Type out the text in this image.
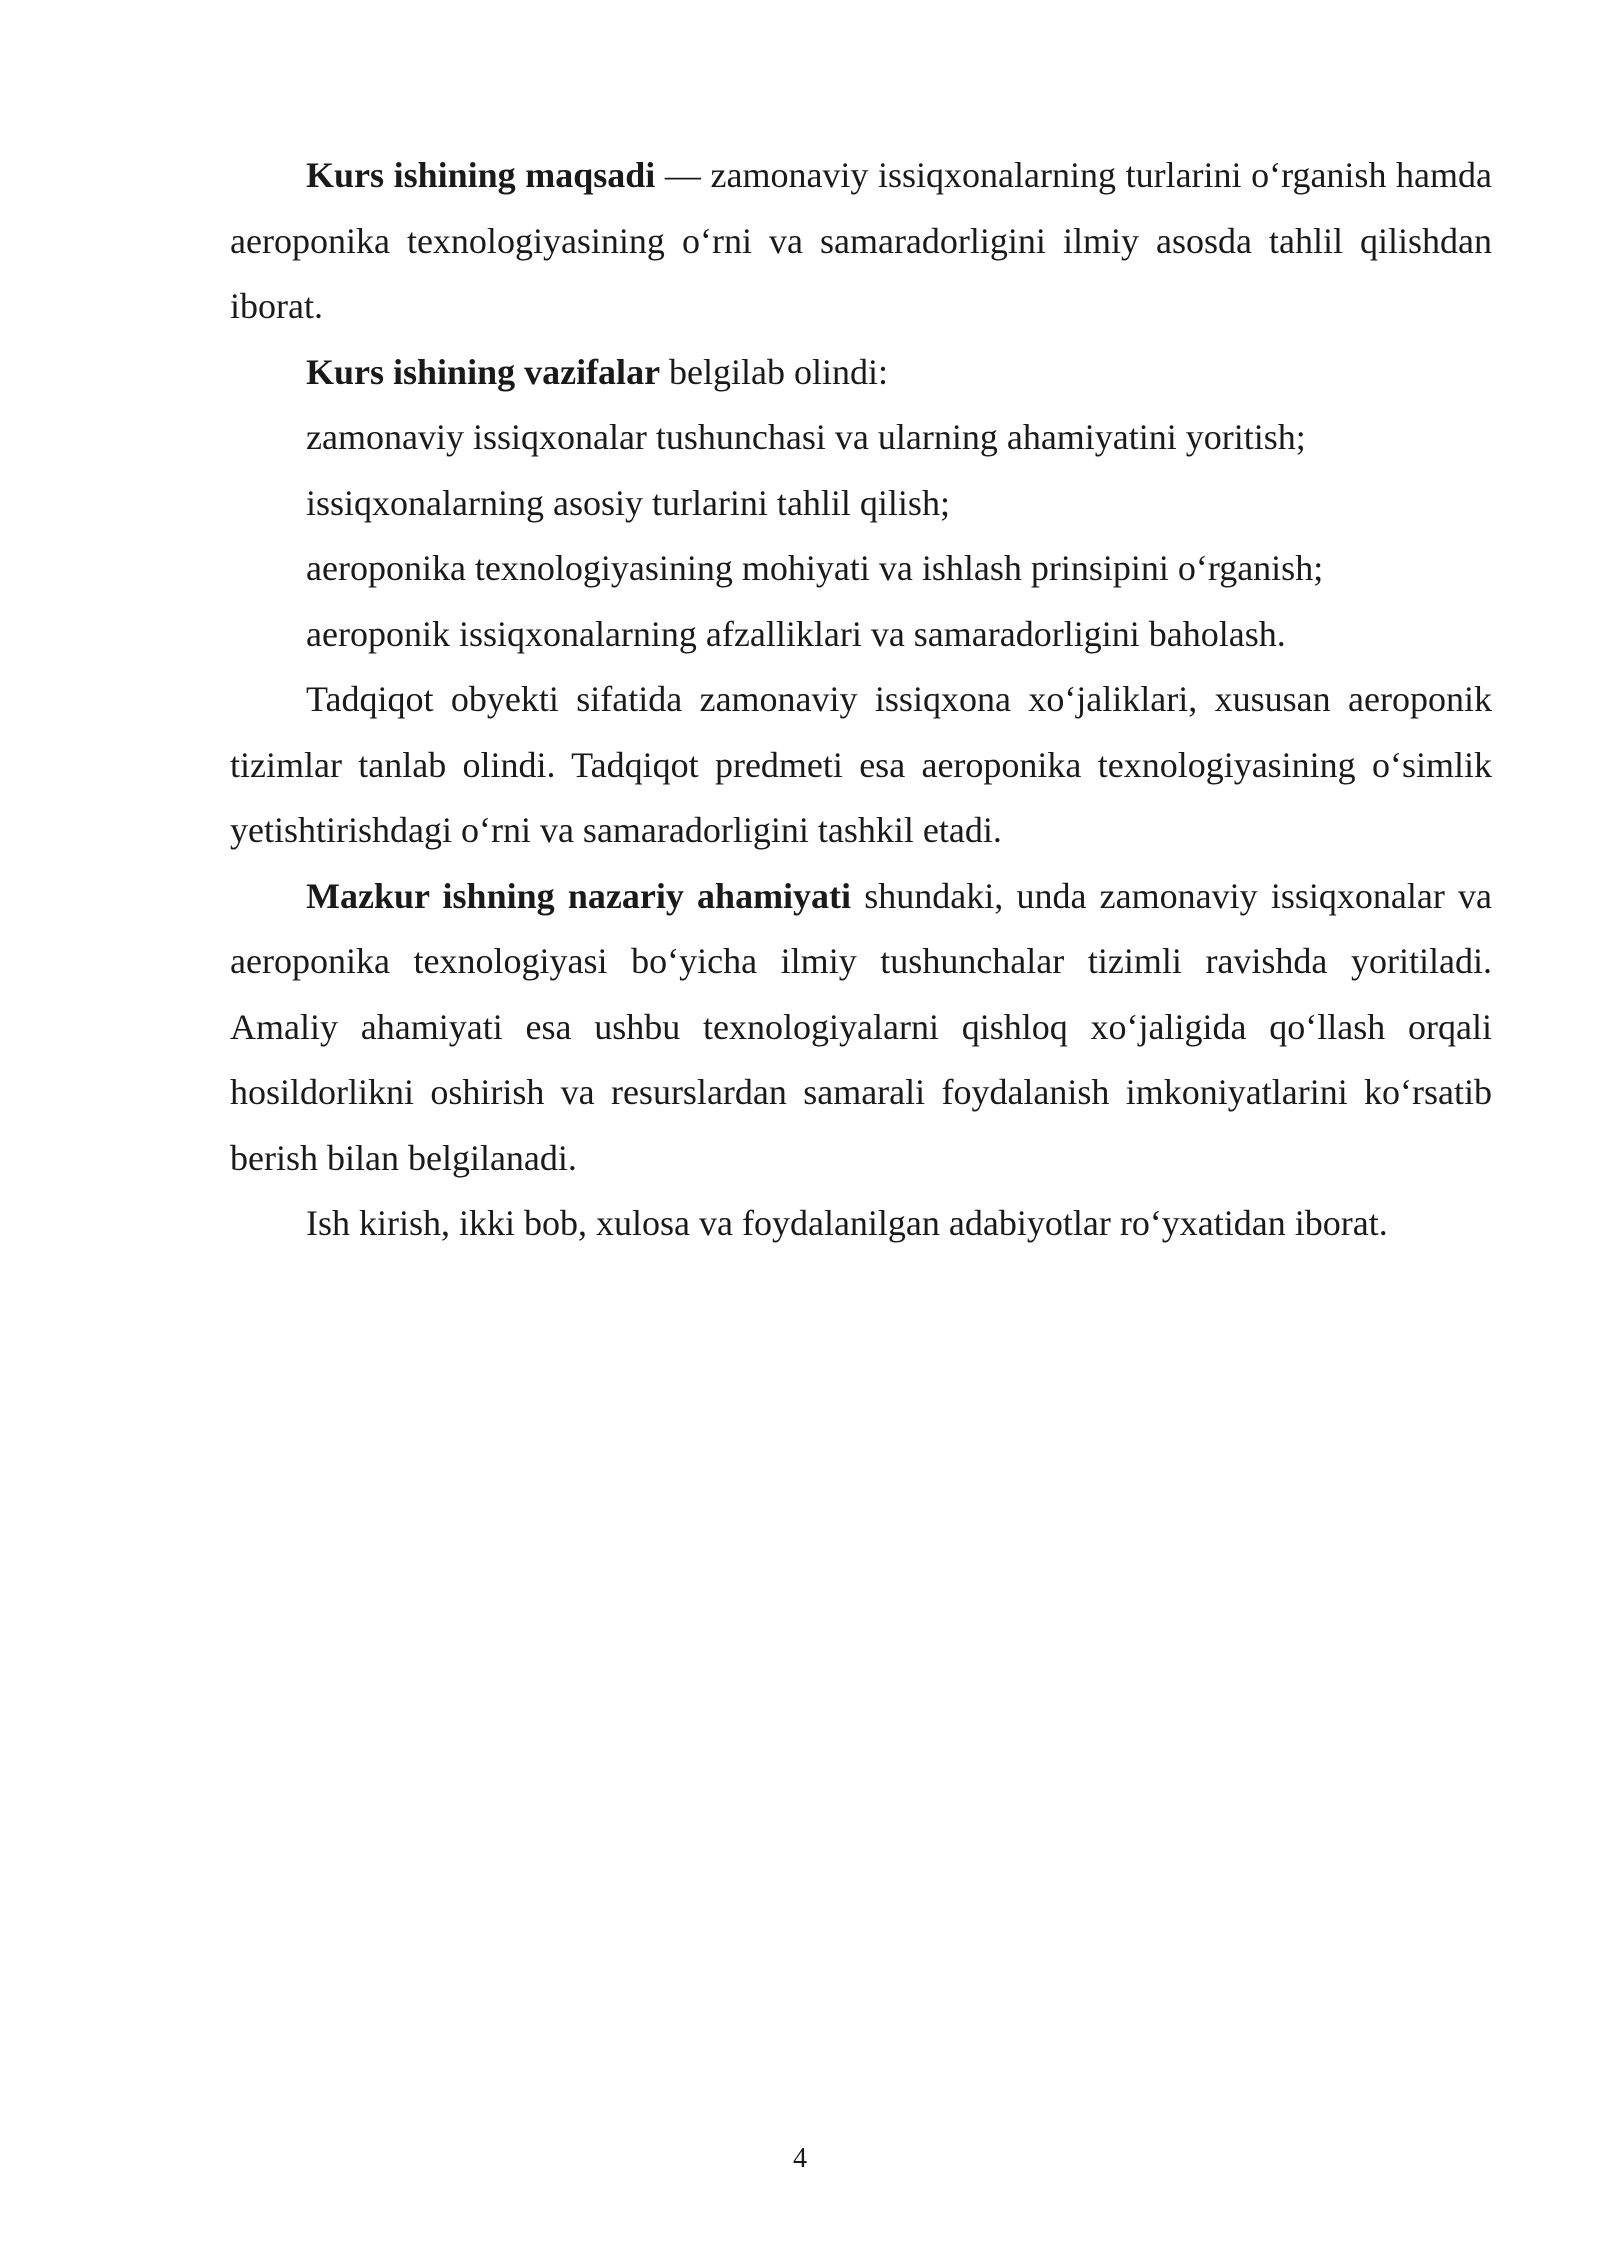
Kurs ishining maqsadi — zamonaviy issiqxonalarning turlarini o‘rganish hamda aeroponika texnologiyasining o‘rni va samaradorligini ilmiy asosda tahlil qilishdan iborat.

Kurs ishining vazifalar belgilab olindi:

zamonaviy issiqxonalar tushunchasi va ularning ahamiyatini yoritish;

issiqxonalarning asosiy turlarini tahlil qilish;

aeroponika texnologiyasining mohiyati va ishlash prinsipini o‘rganish;

aeroponik issiqxonalarning afzalliklari va samaradorligini baholash.

Tadqiqot obyekti sifatida zamonaviy issiqxona xo‘jaliklari, xususan aeroponik tizimlar tanlab olindi. Tadqiqot predmeti esa aeroponika texnologiyasining o‘simlik yetishtirishdagi o‘rni va samaradorligini tashkil etadi.

Mazkur ishning nazariy ahamiyati shundaki, unda zamonaviy issiqxonalar va aeroponika texnologiyasi bo‘yicha ilmiy tushunchalar tizimli ravishda yoritiladi. Amaliy ahamiyati esa ushbu texnologiyalarni qishloq xo‘jaligida qo‘llash orqali hosildorlikni oshirish va resurslardan samarali foydalanish imkoniyatlarini ko‘rsatib berish bilan belgilanadi.

Ish kirish, ikki bob, xulosa va foydalanilgan adabiyotlar ro‘yxatidan iborat.

4
